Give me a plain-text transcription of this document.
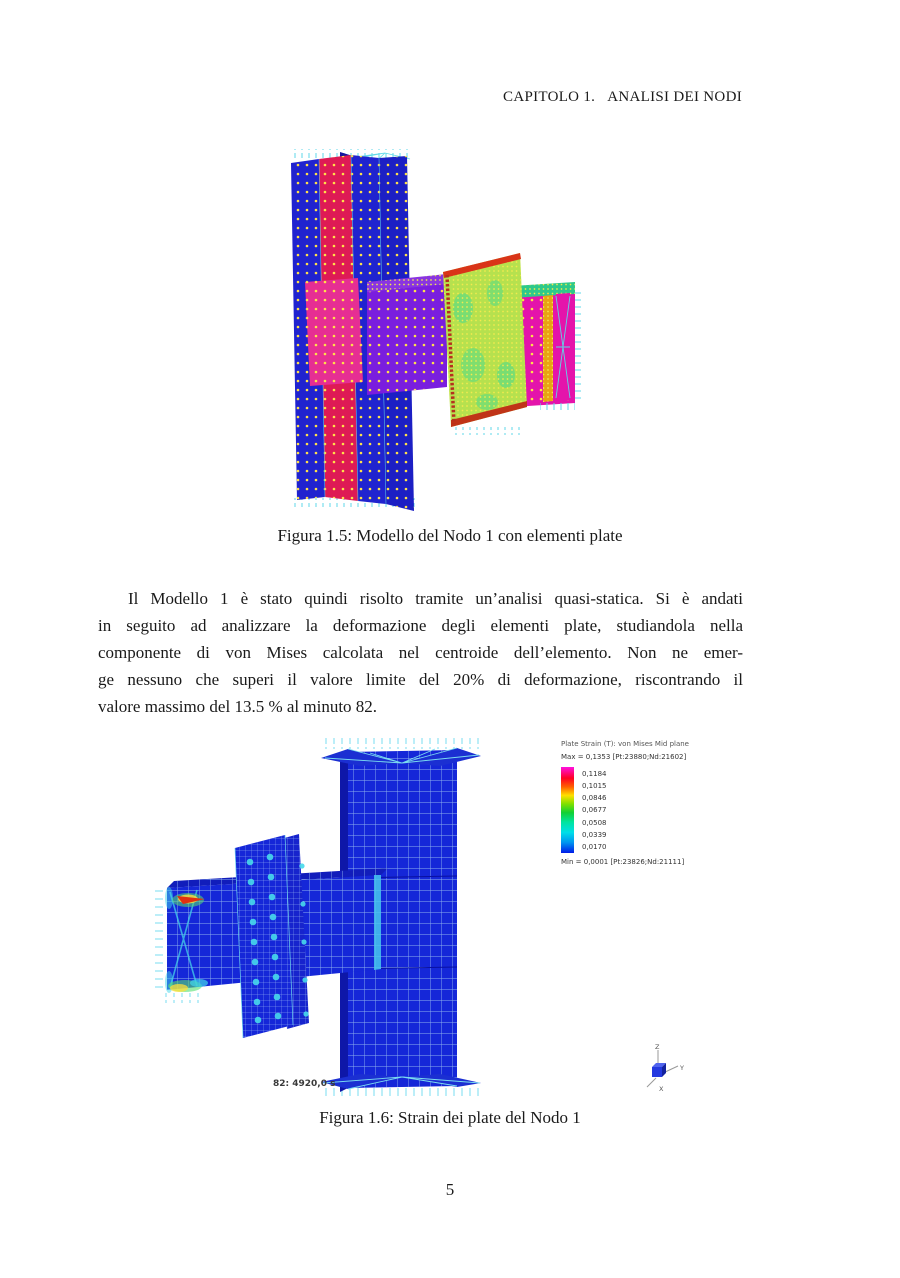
CAPITOLO 1. ANALISI DEI NODI
Figura 1.5: Modello del Nodo 1 con elementi plate
Il Modello 1 è stato quindi risolto tramite un’analisi quasi-statica. Si è andati
in seguito ad analizzare la deformazione degli elementi plate, studiandola nella
componente di von Mises calcolata nel centroide dell’elemento. Non ne emer-
ge nessuno che superi il valore limite del 20% di deformazione, riscontrando il
valore massimo del 13.5 % al minuto 82.
Z
Y
X
Plate Strain (T): von Mises Mid plane
Max = 0,1353 [Pt:23880;Nd:21602]
0,1184
0,1015
0,0846
0,0677
0,0508
0,0339
0,0170
Min = 0,0001 [Pt:23826;Nd:21111]
82: 4920,0 s
Figura 1.6: Strain dei plate del Nodo 1
5
